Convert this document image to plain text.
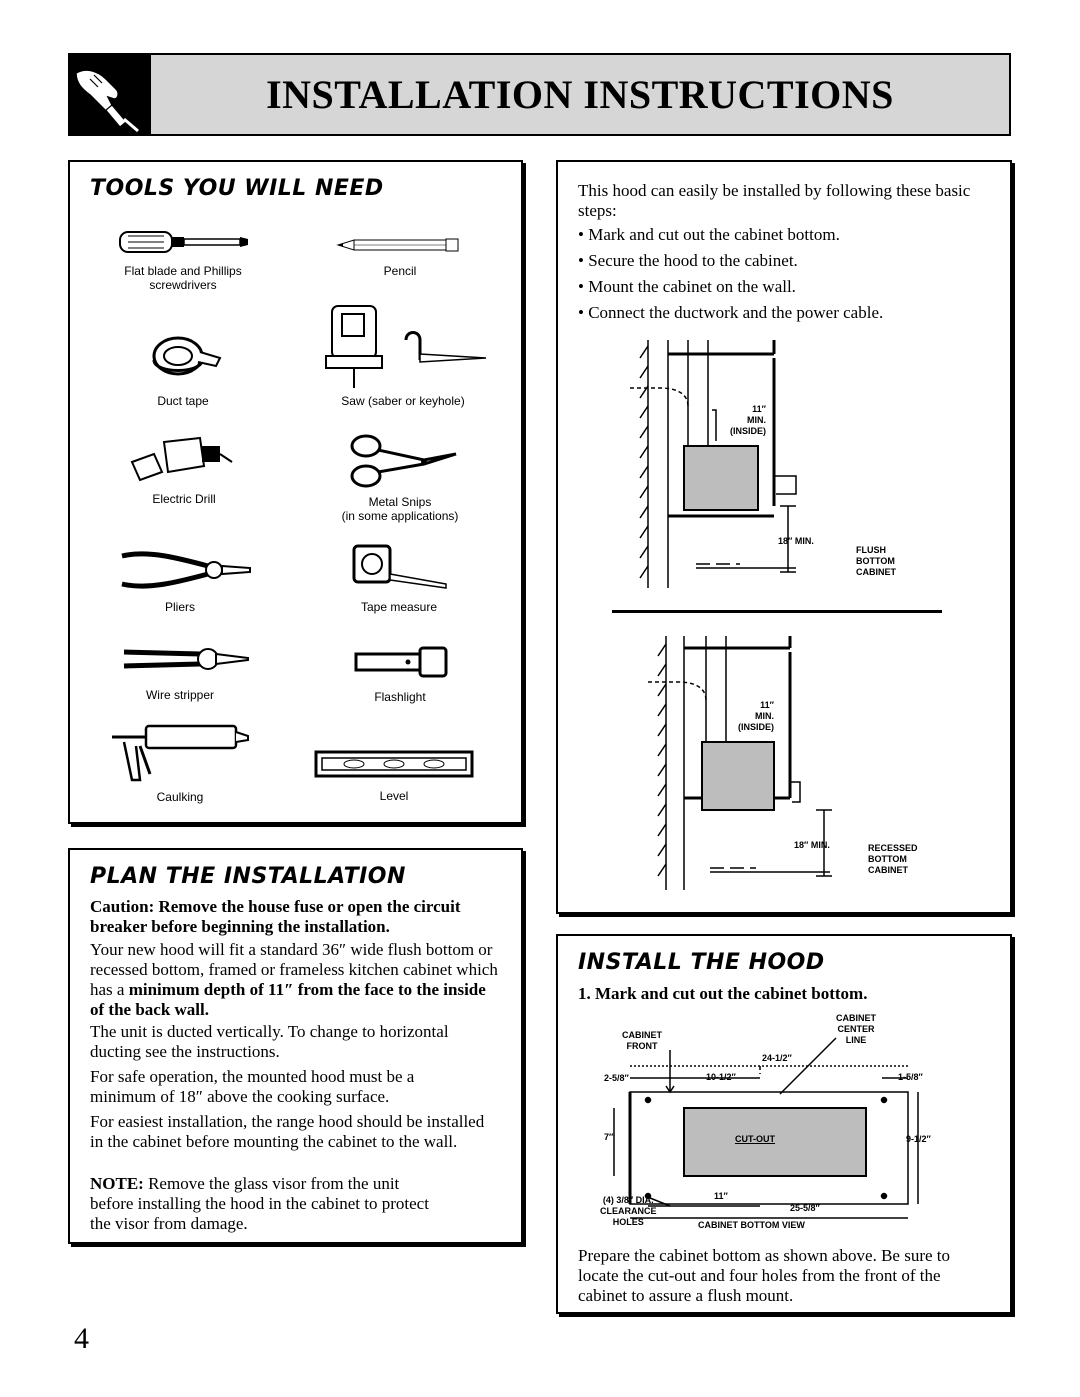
INSTALLATION INSTRUCTIONS
TOOLS YOU WILL NEED
Flat blade and Phillips
screwdrivers
Pencil
Duct tape	Saw (saber or keyhole)
Electric Drill	Metal Snips
(in some applications)
Pliers	Tape measure
Wire stripper	Flashlight
Caulking	Level
PLAN THE INSTALLATION
Caution: Remove the house fuse or open the circuit breaker before beginning the installation.
Your new hood will fit a standard 36″ wide flush bottom or recessed bottom, framed or frameless kitchen cabinet which has a minimum depth of 11″ from the face to the inside of the back wall.
The unit is ducted vertically. To change to horizontal ducting see the instructions.
For safe operation, the mounted hood must be a minimum of 18″ above the cooking surface.
For easiest installation, the range hood should be installed in the cabinet before mounting the cabinet to the wall.
NOTE: Remove the glass visor from the unit before installing the hood in the cabinet to protect the visor from damage.
This hood can easily be installed by following these basic steps:
• Mark and cut out the cabinet bottom.
• Secure the hood to the cabinet.
• Mount the cabinet on the wall.
• Connect the ductwork and the power cable.
11″
MIN.
(INSIDE)
18″ MIN.
FLUSH
BOTTOM
CABINET
11″
MIN.
(INSIDE)
18″ MIN.	RECESSED
BOTTOM
CABINET
INSTALL THE HOOD
1. Mark and cut out the cabinet bottom.
CABINET
FRONT
CABINET
CENTER
LINE
24-1/2″
2-5/8″	10-1/2″	1-5/8″
7″	CUT-OUT	9-1/2″
11″
25-5/8″
(4) 3/8″ DIA.
CLEARANCE
HOLES	CABINET BOTTOM VIEW
Prepare the cabinet bottom as shown above. Be sure to locate the cut-out and four holes from the front of the cabinet to assure a flush mount.
4
